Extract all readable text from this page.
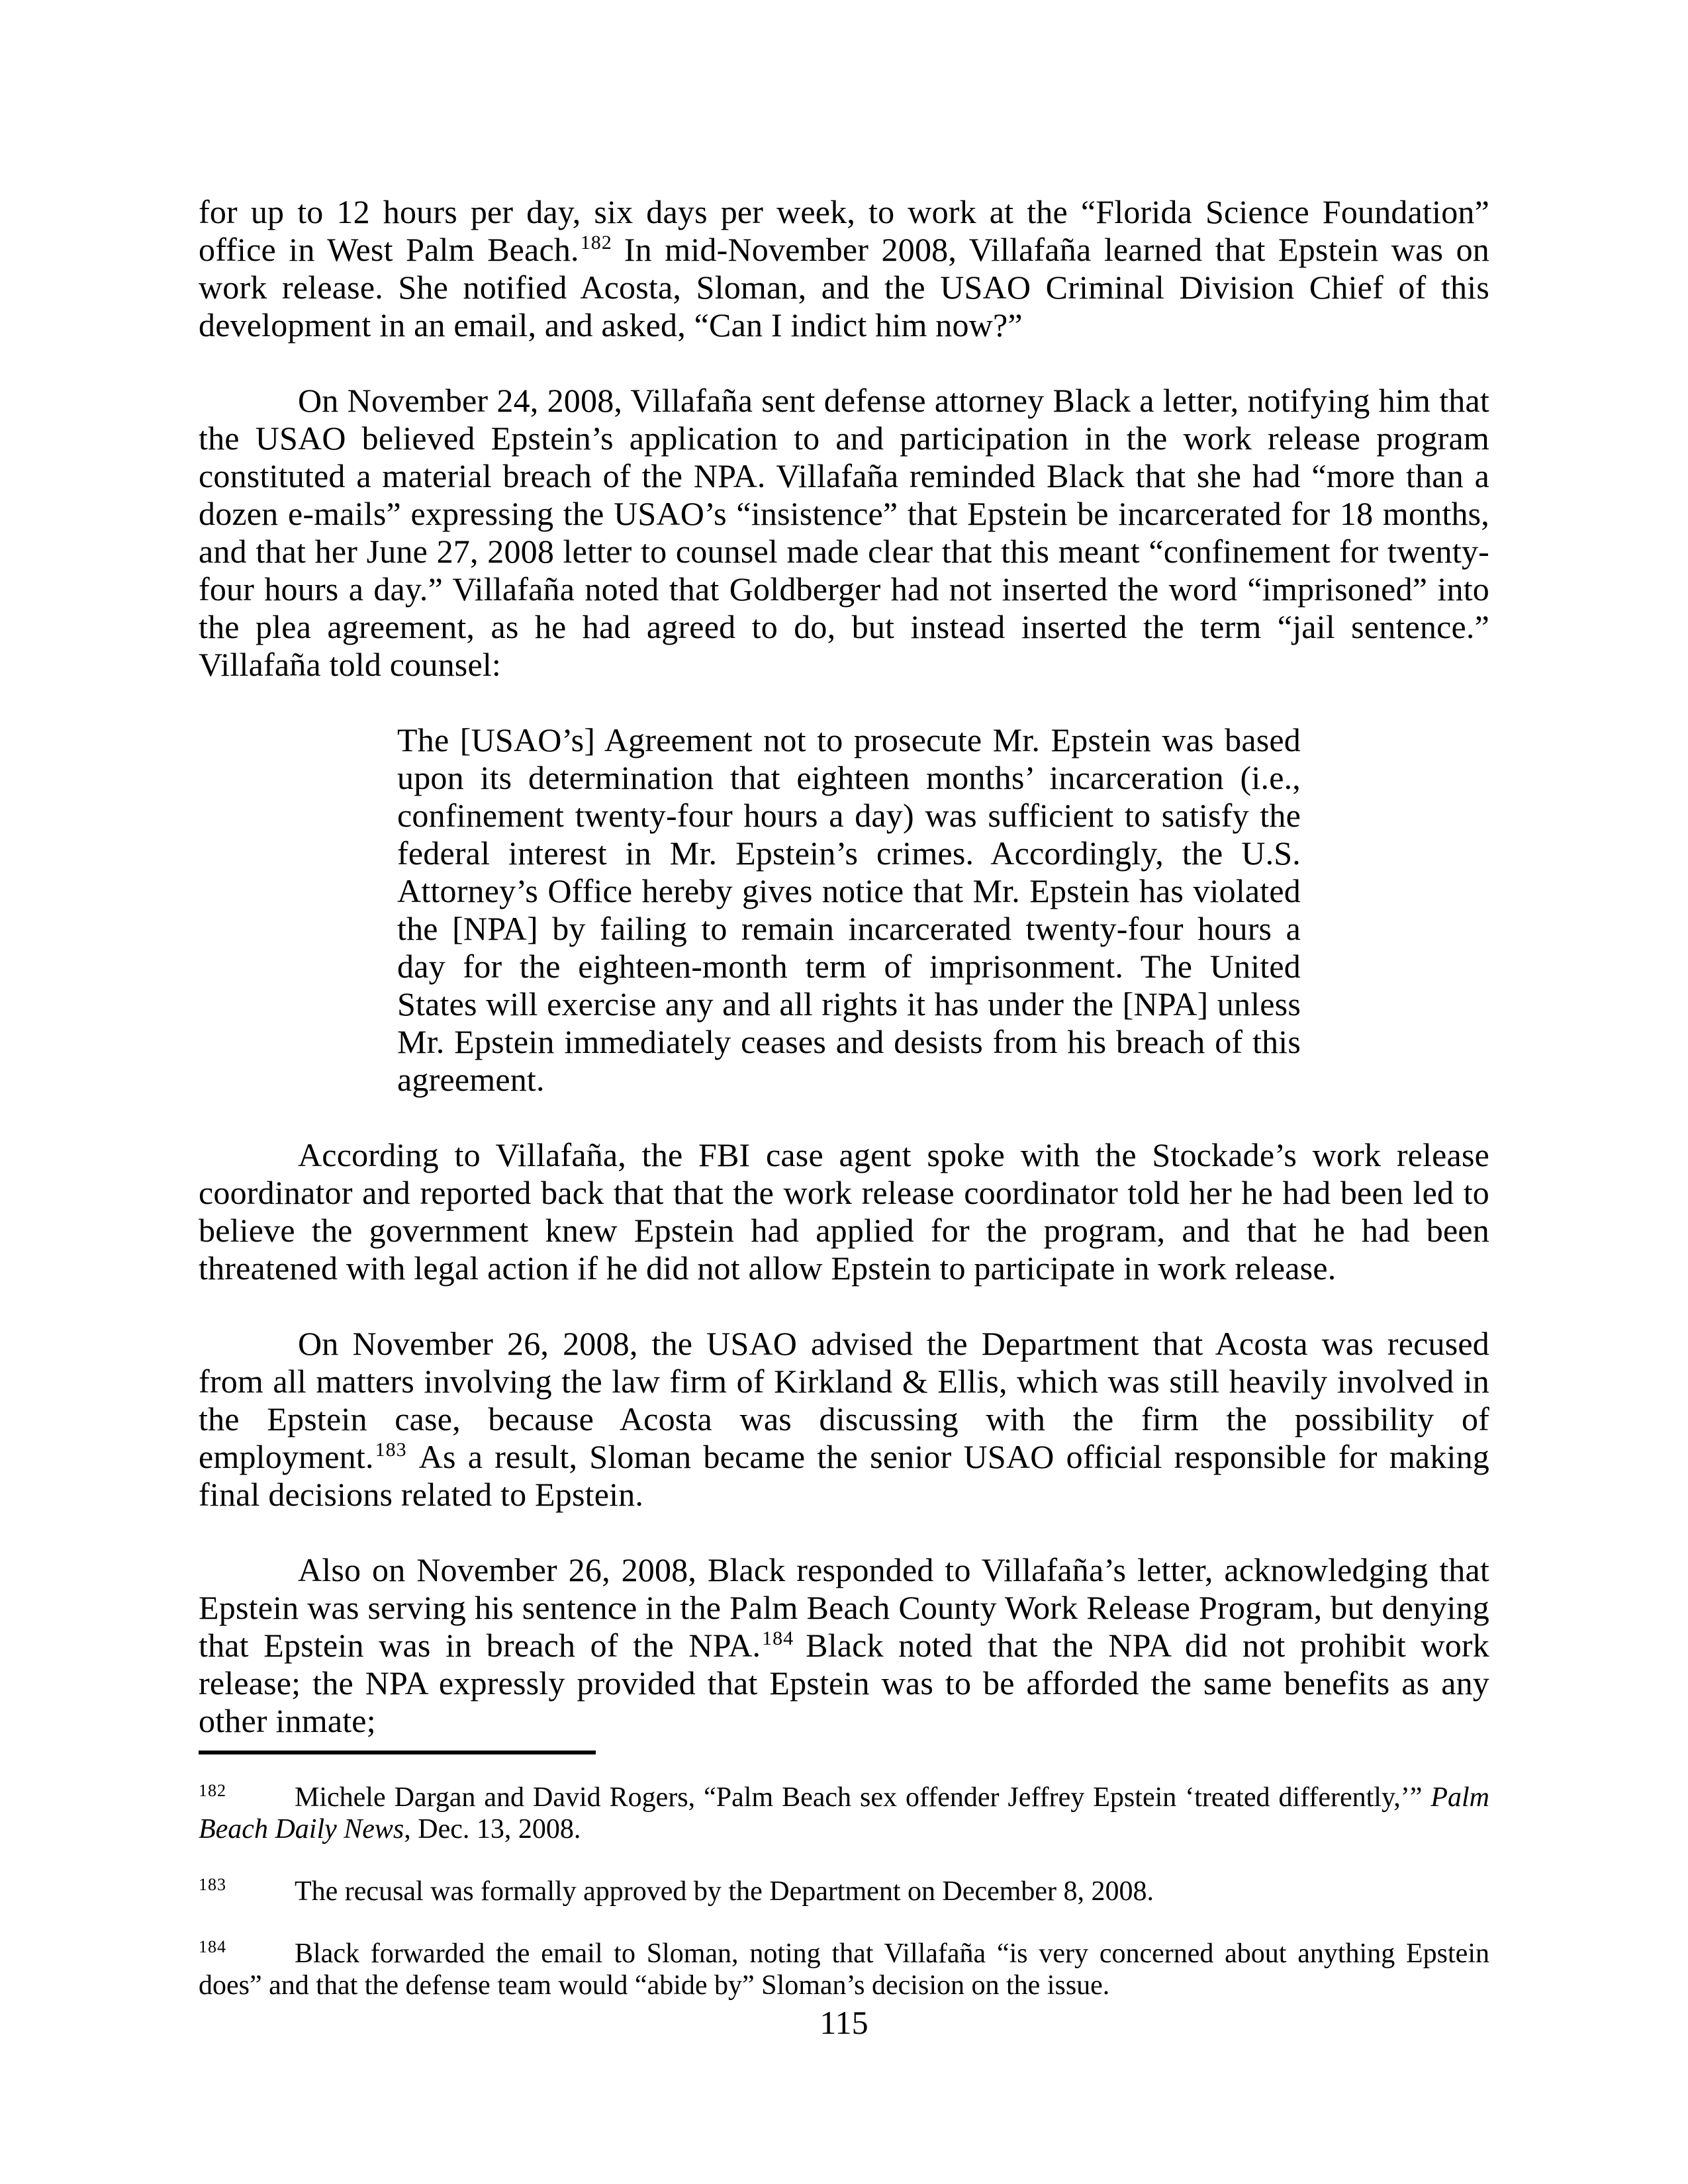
for up to 12 hours per day, six days per week, to work at the “Florida Science Foundation” office in West Palm Beach.$^{182}$ In mid-November 2008, Villafaña learned that Epstein was on work release. She notified Acosta, Sloman, and the USAO Criminal Division Chief of this development in an email, and asked, “Can I indict him now?”

On November 24, 2008, Villafaña sent defense attorney Black a letter, notifying him that the USAO believed Epstein’s application to and participation in the work release program constituted a material breach of the NPA. Villafaña reminded Black that she had “more than a dozen e-mails” expressing the USAO’s “insistence” that Epstein be incarcerated for 18 months, and that her June 27, 2008 letter to counsel made clear that this meant “confinement for twenty-four hours a day.” Villafaña noted that Goldberger had not inserted the word “imprisoned” into the plea agreement, as he had agreed to do, but instead inserted the term “jail sentence.” Villafaña told counsel:

The [USAO’s] Agreement not to prosecute Mr. Epstein was based upon its determination that eighteen months’ incarceration (i.e., confinement twenty-four hours a day) was sufficient to satisfy the federal interest in Mr. Epstein’s crimes. Accordingly, the U.S. Attorney’s Office hereby gives notice that Mr. Epstein has violated the [NPA] by failing to remain incarcerated twenty-four hours a day for the eighteen-month term of imprisonment. The United States will exercise any and all rights it has under the [NPA] unless Mr. Epstein immediately ceases and desists from his breach of this agreement.

According to Villafaña, the FBI case agent spoke with the Stockade’s work release coordinator and reported back that that the work release coordinator told her he had been led to believe the government knew Epstein had applied for the program, and that he had been threatened with legal action if he did not allow Epstein to participate in work release.

On November 26, 2008, the USAO advised the Department that Acosta was recused from all matters involving the law firm of Kirkland & Ellis, which was still heavily involved in the Epstein case, because Acosta was discussing with the firm the possibility of employment.$^{183}$ As a result, Sloman became the senior USAO official responsible for making final decisions related to Epstein.

Also on November 26, 2008, Black responded to Villafaña’s letter, acknowledging that Epstein was serving his sentence in the Palm Beach County Work Release Program, but denying that Epstein was in breach of the NPA.$^{184}$ Black noted that the NPA did not prohibit work release; the NPA expressly provided that Epstein was to be afforded the same benefits as any other inmate;

$^{182}$ Michele Dargan and David Rogers, “Palm Beach sex offender Jeffrey Epstein ‘treated differently,’” Palm Beach Daily News, Dec. 13, 2008.

$^{183}$ The recusal was formally approved by the Department on December 8, 2008.

$^{184}$ Black forwarded the email to Sloman, noting that Villafaña “is very concerned about anything Epstein does” and that the defense team would “abide by” Sloman’s decision on the issue.

115
